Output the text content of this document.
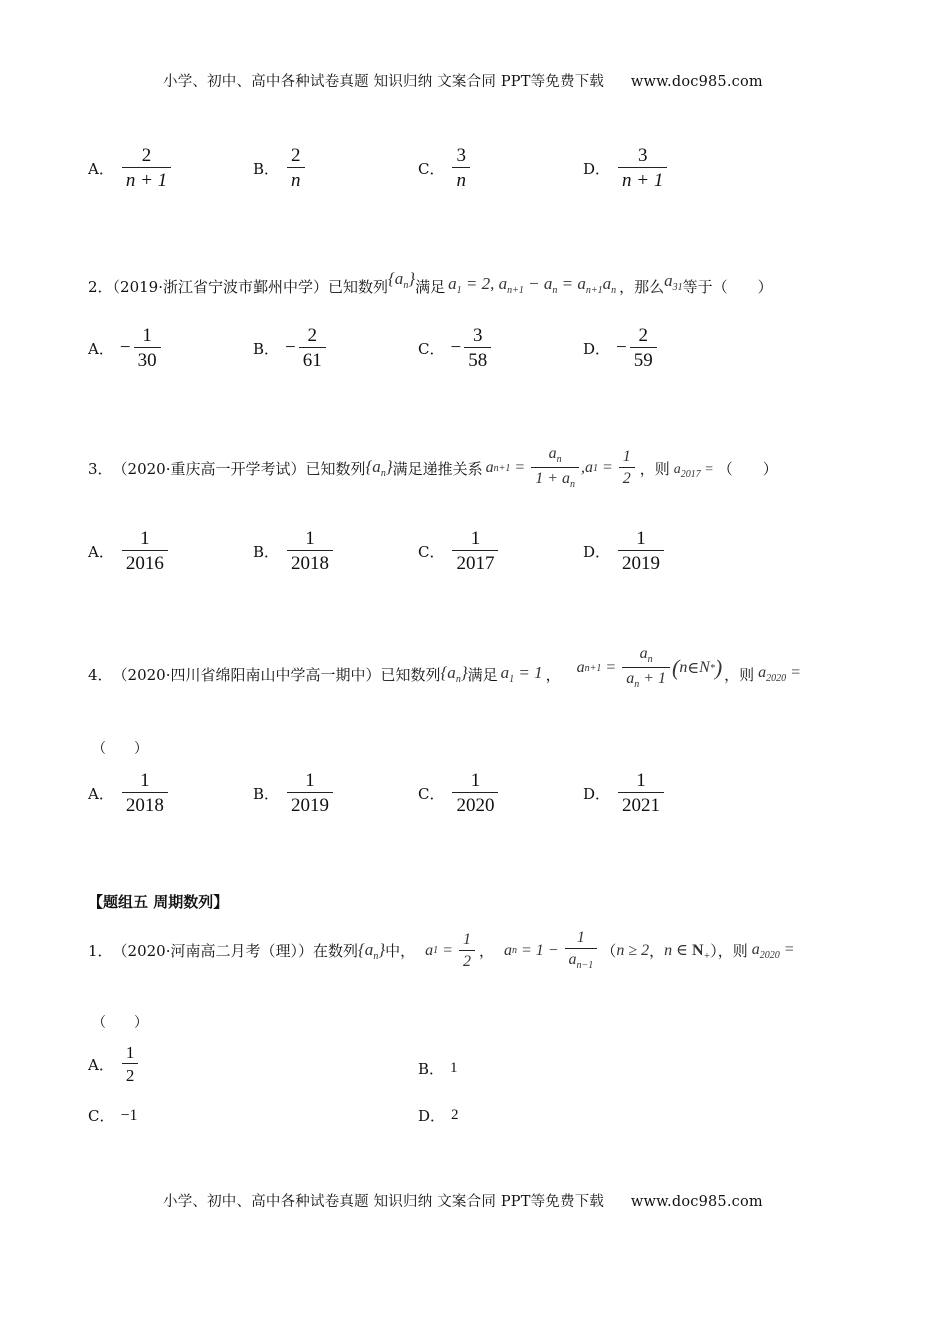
小学、初中、高中各种试卷真题 知识归纳 文案合同 PPT等免费下载 www.doc985.com
A． $\frac{2}{n + 1}$	B． $\frac{2}{n}$	C． $\frac{3}{n}$	D． $\frac{3}{n + 1}$
2．（2019·浙江省宁波市鄞州中学）已知数列$\{a_n\}$满足 $a_1 = 2$, $a_{n+1} - a_n = a_{n+1}a_n$ ，那么$a_{31}$等于（　　）
A． − $\frac{1}{30}$	B． − $\frac{2}{61}$	C． − $\frac{3}{58}$	D． − $\frac{2}{59}$
3． （2020·重庆高一开学考试）已知数列 $\{a_n\}$ 满足递推关系 a $n+1 = \frac{a_n}{1 + a_n}$ , a $1 = \frac{1}{2}$ ，则 $a_{2017}$ = （　　）
A． $\frac{1}{2016}$	B． $\frac{1}{2018}$	C． $\frac{1}{2017}$	D． $\frac{1}{2019}$
4． （2020·四川省绵阳南山中学高一期中）已知数列 $\{a_n\}$ 满足 $a_1 = 1$ ， a $n+1 = \frac{a_n}{a_n + 1}$ ( n ∈ N * ) ，则 $a_{2020}$ =
（　　）
A． $\frac{1}{2018}$	B． $\frac{1}{2019}$	C． $\frac{1}{2020}$	D． $\frac{1}{2021}$
【题组五 周期数列】
1． （2020·河南高二月考（理））在数列 $\{a_n\}$ 中， a $1 = \frac{1}{2}$ ， a $n = 1 - \frac{1}{a_{n-1}}$ （ n ≥ 2 ， n ∈ $N_+$ ），则 $a_{2020}$ =
（　　）
A． $\frac{1}{2}$	B． 1
C． −1	D． 2
小学、初中、高中各种试卷真题 知识归纳 文案合同 PPT等免费下载 www.doc985.com
